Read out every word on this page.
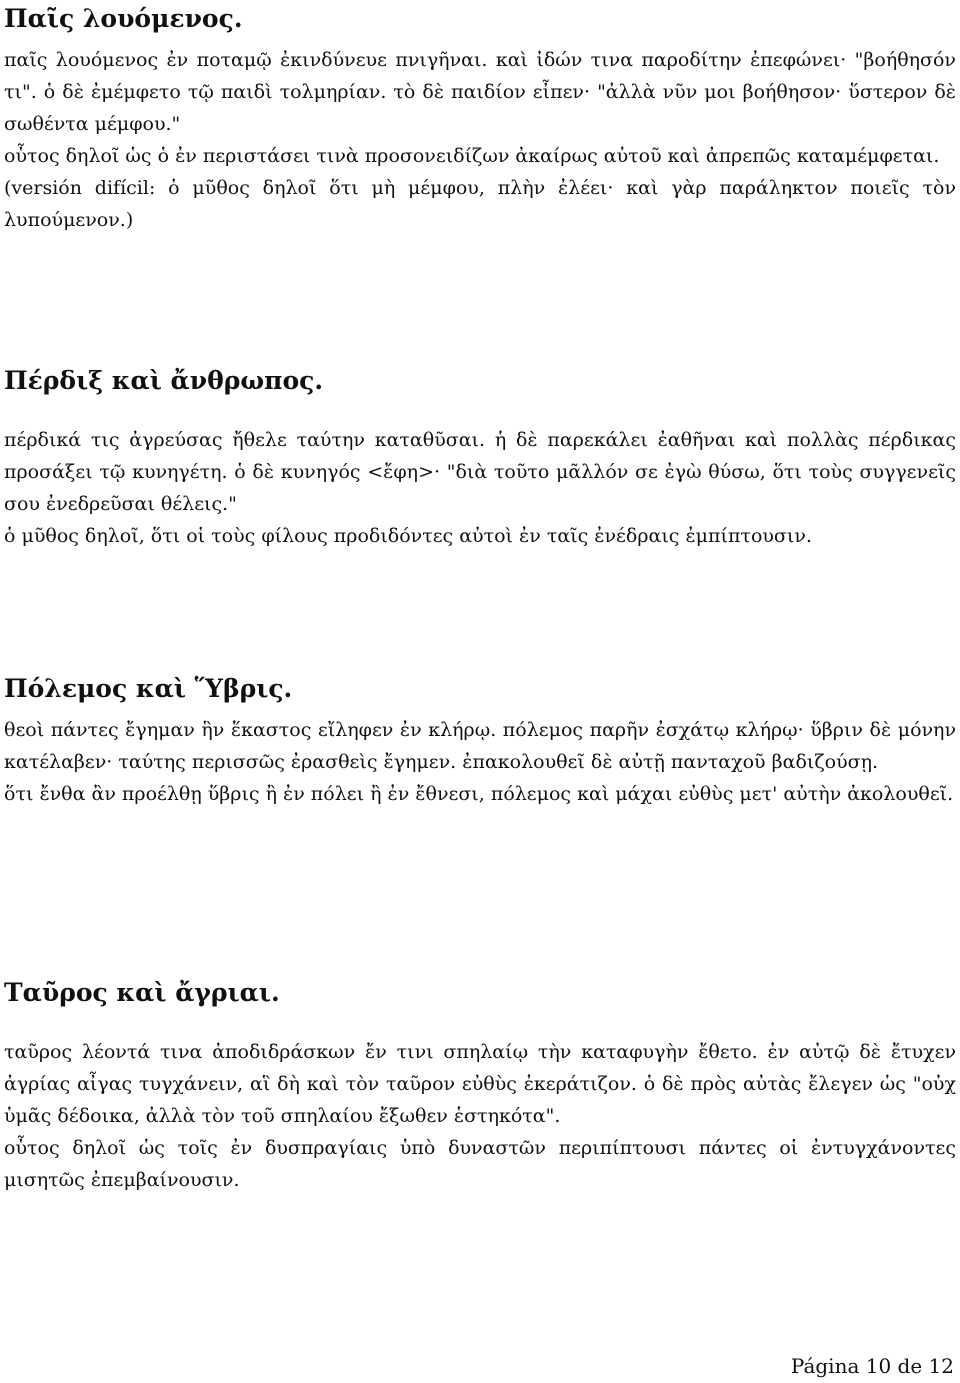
Παῖς λουόμενος.

παῖς λουόμενος ἐν ποταμῷ ἐκινδύνευε πνιγῆναι. καὶ ἰδών τινα παροδίτην ἐπεφώνει· "βοήθησόν τι". ὁ δὲ ἐμέμφετο τῷ παιδὶ τολμηρίαν. τὸ δὲ παιδίον εἶπεν· "ἀλλὰ νῦν μοι βοήθησον· ὕστερον δὲ σωθέντα μέμφου."

οὗτος δηλοῖ ὡς ὁ ἐν περιστάσει τινὰ προσονειδίζων ἀκαίρως αὐτοῦ καὶ ἀπρεπῶς καταμέμφεται.

(versión difícil: ὁ μῦθος δηλοῖ ὅτι μὴ μέμφου, πλὴν ἐλέει· καὶ γὰρ παράληκτον ποιεῖς τὸν λυπούμενον.)

Πέρδιξ καὶ ἄνθρωπος.

πέρδικά τις ἀγρεύσας ἤθελε ταύτην καταθῦσαι. ἡ δὲ παρεκάλει ἐαθῆναι καὶ πολλὰς πέρδικας προσάξει τῷ κυνηγέτη. ὁ δὲ κυνηγός <ἔφη>· "διὰ τοῦτο μᾶλλόν σε ἐγὼ θύσω, ὅτι τοὺς συγγενεῖς σου ἐνεδρεῦσαι θέλεις."

ὁ μῦθος δηλοῖ, ὅτι οἱ τοὺς φίλους προδιδόντες αὐτοὶ ἐν ταῖς ἐνέδραις ἐμπίπτουσιν.

Πόλεμος καὶ Ὕβρις.

θεοὶ πάντες ἔγημαν ἣν ἕκαστος εἴληφεν ἐν κλήρῳ. πόλεμος παρῆν ἐσχάτῳ κλήρῳ· ὕβριν δὲ μόνην κατέλαβεν· ταύτης περισσῶς ἐρασθεὶς ἔγημεν. ἐπακολουθεῖ δὲ αὐτῇ πανταχοῦ βαδιζούσῃ.

ὅτι ἔνθα ἂν προέλθῃ ὕβρις ἢ ἐν πόλει ἢ ἐν ἔθνεσι, πόλεμος καὶ μάχαι εὐθὺς μετ' αὐτὴν ἀκολουθεῖ.

Ταῦρος καὶ ἄγριαι.

ταῦρος λέοντά τινα ἀποδιδράσκων ἔν τινι σπηλαίῳ τὴν καταφυγὴν ἔθετο. ἐν αὐτῷ δὲ ἔτυχεν ἀγρίας αἶγας τυγχάνειν, αἳ δὴ καὶ τὸν ταῦρον εὐθὺς ἐκεράτιζον. ὁ δὲ πρὸς αὐτὰς ἔλεγεν ὡς "οὐχ ὑμᾶς δέδοικα, ἀλλὰ τὸν τοῦ σπηλαίου ἔξωθεν ἑστηκότα".

οὗτος δηλοῖ ὡς τοῖς ἐν δυσπραγίαις ὑπὸ δυναστῶν περιπίπτουσι πάντες οἱ ἐντυγχάνοντες μισητῶς ἐπεμβαίνουσιν.

Página 10 de 12
